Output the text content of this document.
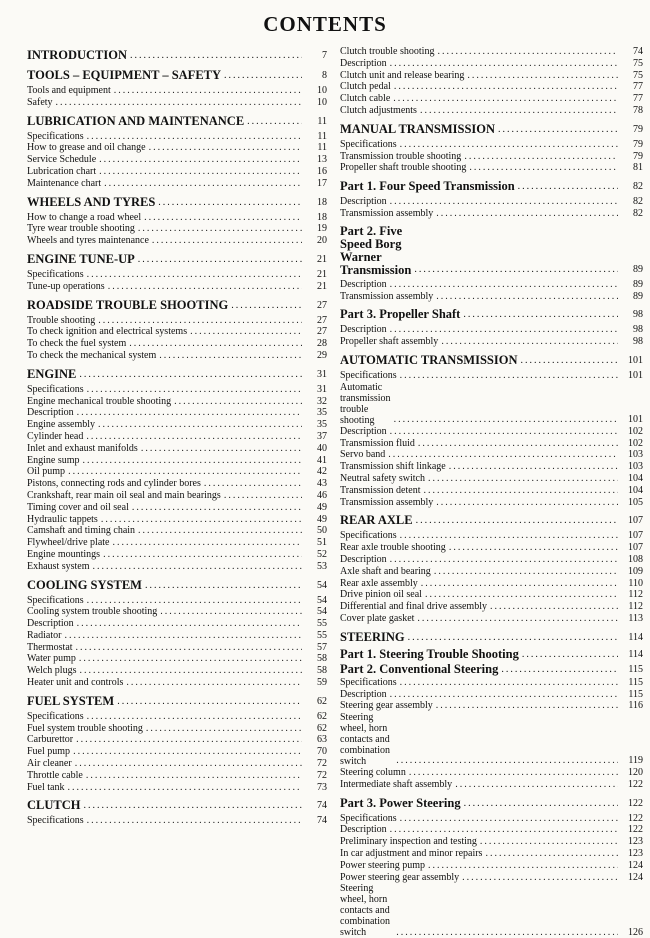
CONTENTS
INTRODUCTION .....	7
TOOLS – EQUIPMENT – SAFETY .....	8
Tools and equipment .....	10
Safety .....	10
LUBRICATION AND MAINTENANCE .....	11
Specifications .....	11
How to grease and oil change .....	11
Service Schedule .....	13
Lubrication chart .....	16
Maintenance chart .....	17
WHEELS AND TYRES .....	18
How to change a road wheel .....	18
Tyre wear trouble shooting .....	19
Wheels and tyres maintenance .....	20
ENGINE TUNE-UP .....	21
Specifications .....	21
Tune-up operations .....	21
ROADSIDE TROUBLE SHOOTING .....	27
Trouble shooting .....	27
To check ignition and electrical systems .....	27
To check the fuel system .....	28
To check the mechanical system .....	29
ENGINE .....	31
Specifications .....	31
Engine mechanical trouble shooting .....	32
Description .....	35
Engine assembly .....	35
Cylinder head .....	37
Inlet and exhaust manifolds .....	40
Engine sump .....	41
Oil pump .....	42
Pistons, connecting rods and cylinder bores .....	43
Crankshaft, rear main oil seal and main bearings .....	46
Timing cover and oil seal .....	49
Hydraulic tappets .....	49
Camshaft and timing chain .....	50
Flywheel/drive plate .....	51
Engine mountings .....	52
Exhaust system .....	53
COOLING SYSTEM .....	54
Specifications .....	54
Cooling system trouble shooting .....	54
Description .....	55
Radiator .....	55
Thermostat .....	57
Water pump .....	58
Welch plugs .....	58
Heater unit and controls .....	59
FUEL SYSTEM .....	62
Specifications .....	62
Fuel system trouble shooting .....	62
Carburettor .....	63
Fuel pump .....	70
Air cleaner .....	72
Throttle cable .....	72
Fuel tank .....	73
CLUTCH .....	74
Specifications .....	74
Clutch trouble shooting .....	74
Description .....	75
Clutch unit and release bearing .....	75
Clutch pedal .....	77
Clutch cable .....	77
Clutch adjustments .....	78
MANUAL TRANSMISSION .....	79
Specifications .....	79
Transmission trouble shooting .....	79
Propeller shaft trouble shooting .....	81
Part 1. Four Speed Transmission .....	82
Description .....	82
Transmission assembly .....	82
Part 2. Five Speed Borg Warner Transmission .....	89
Description .....	89
Transmission assembly .....	89
Part 3. Propeller Shaft .....	98
Description .....	98
Propeller shaft assembly .....	98
AUTOMATIC TRANSMISSION .....	101
Specifications .....	101
Automatic transmission trouble shooting .....	101
Description .....	102
Transmission fluid .....	102
Servo band .....	103
Transmission shift linkage .....	103
Neutral safety switch .....	104
Transmission detent .....	104
Transmission assembly .....	105
REAR AXLE .....	107
Specifications .....	107
Rear axle trouble shooting .....	107
Description .....	108
Axle shaft and bearing .....	109
Rear axle assembly .....	110
Drive pinion oil seal .....	112
Differential and final drive assembly .....	112
Cover plate gasket .....	113
STEERING .....	114
Part 1. Steering Trouble Shooting .....	114
Part 2. Conventional Steering .....	115
Specifications .....	115
Description .....	115
Steering gear assembly .....	116
Steering wheel, horn contacts and combination switch .....	119
Steering column .....	120
Intermediate shaft assembly .....	122
Part 3. Power Steering .....	122
Specifications .....	122
Description .....	122
Preliminary inspection and testing .....	123
In car adjustment and minor repairs .....	123
Power steering pump .....	124
Power steering gear assembly .....	124
Steering wheel, horn contacts and combination switch .....	126
